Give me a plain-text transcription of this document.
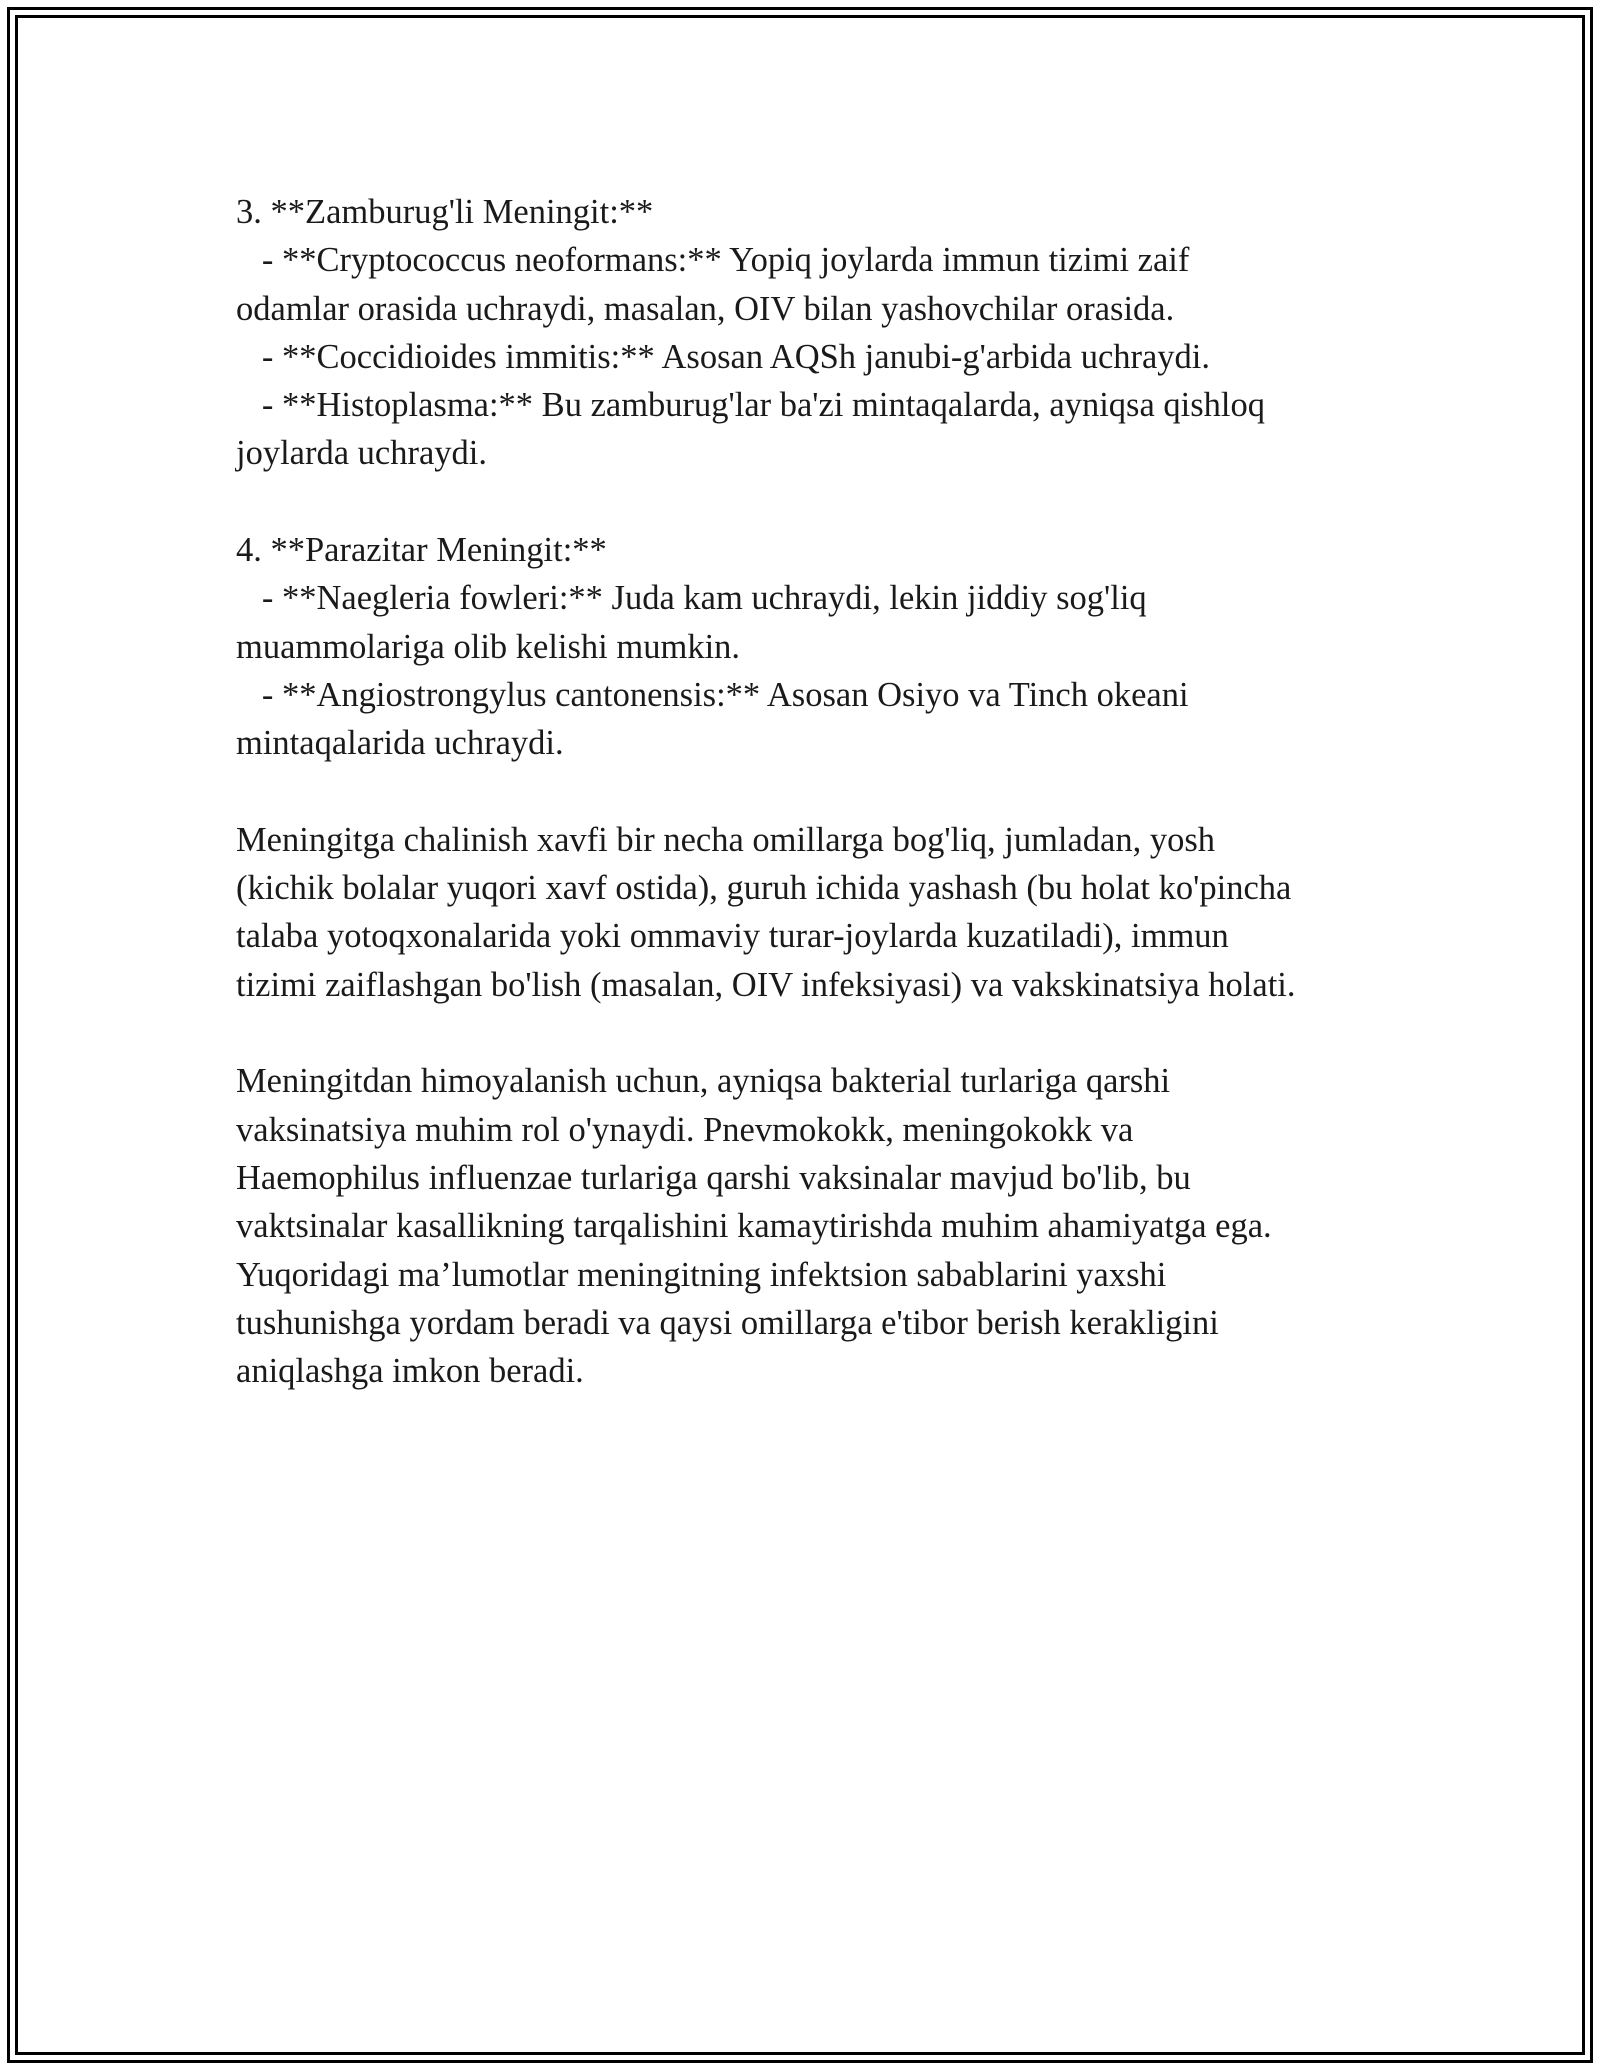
3. **Zamburug'li Meningit:**
- **Cryptococcus neoformans:** Yopiq joylarda immun tizimi zaif
odamlar orasida uchraydi, masalan, OIV bilan yashovchilar orasida.
- **Coccidioides immitis:** Asosan AQSh janubi-g'arbida uchraydi.
- **Histoplasma:** Bu zamburug'lar ba'zi mintaqalarda, ayniqsa qishloq
joylarda uchraydi.
4. **Parazitar Meningit:**
- **Naegleria fowleri:** Juda kam uchraydi, lekin jiddiy sog'liq
muammolariga olib kelishi mumkin.
- **Angiostrongylus cantonensis:** Asosan Osiyo va Tinch okeani
mintaqalarida uchraydi.
Meningitga chalinish xavfi bir necha omillarga bog'liq, jumladan, yosh
(kichik bolalar yuqori xavf ostida), guruh ichida yashash (bu holat ko'pincha
talaba yotoqxonalarida yoki ommaviy turar-joylarda kuzatiladi), immun
tizimi zaiflashgan bo'lish (masalan, OIV infeksiyasi) va vakskinatsiya holati.
Meningitdan himoyalanish uchun, ayniqsa bakterial turlariga qarshi
vaksinatsiya muhim rol o'ynaydi. Pnevmokokk, meningokokk va
Haemophilus influenzae turlariga qarshi vaksinalar mavjud bo'lib, bu
vaktsinalar kasallikning tarqalishini kamaytirishda muhim ahamiyatga ega.
Yuqoridagi ma’lumotlar meningitning infektsion sabablarini yaxshi
tushunishga yordam beradi va qaysi omillarga e'tibor berish kerakligini
aniqlashga imkon beradi.
